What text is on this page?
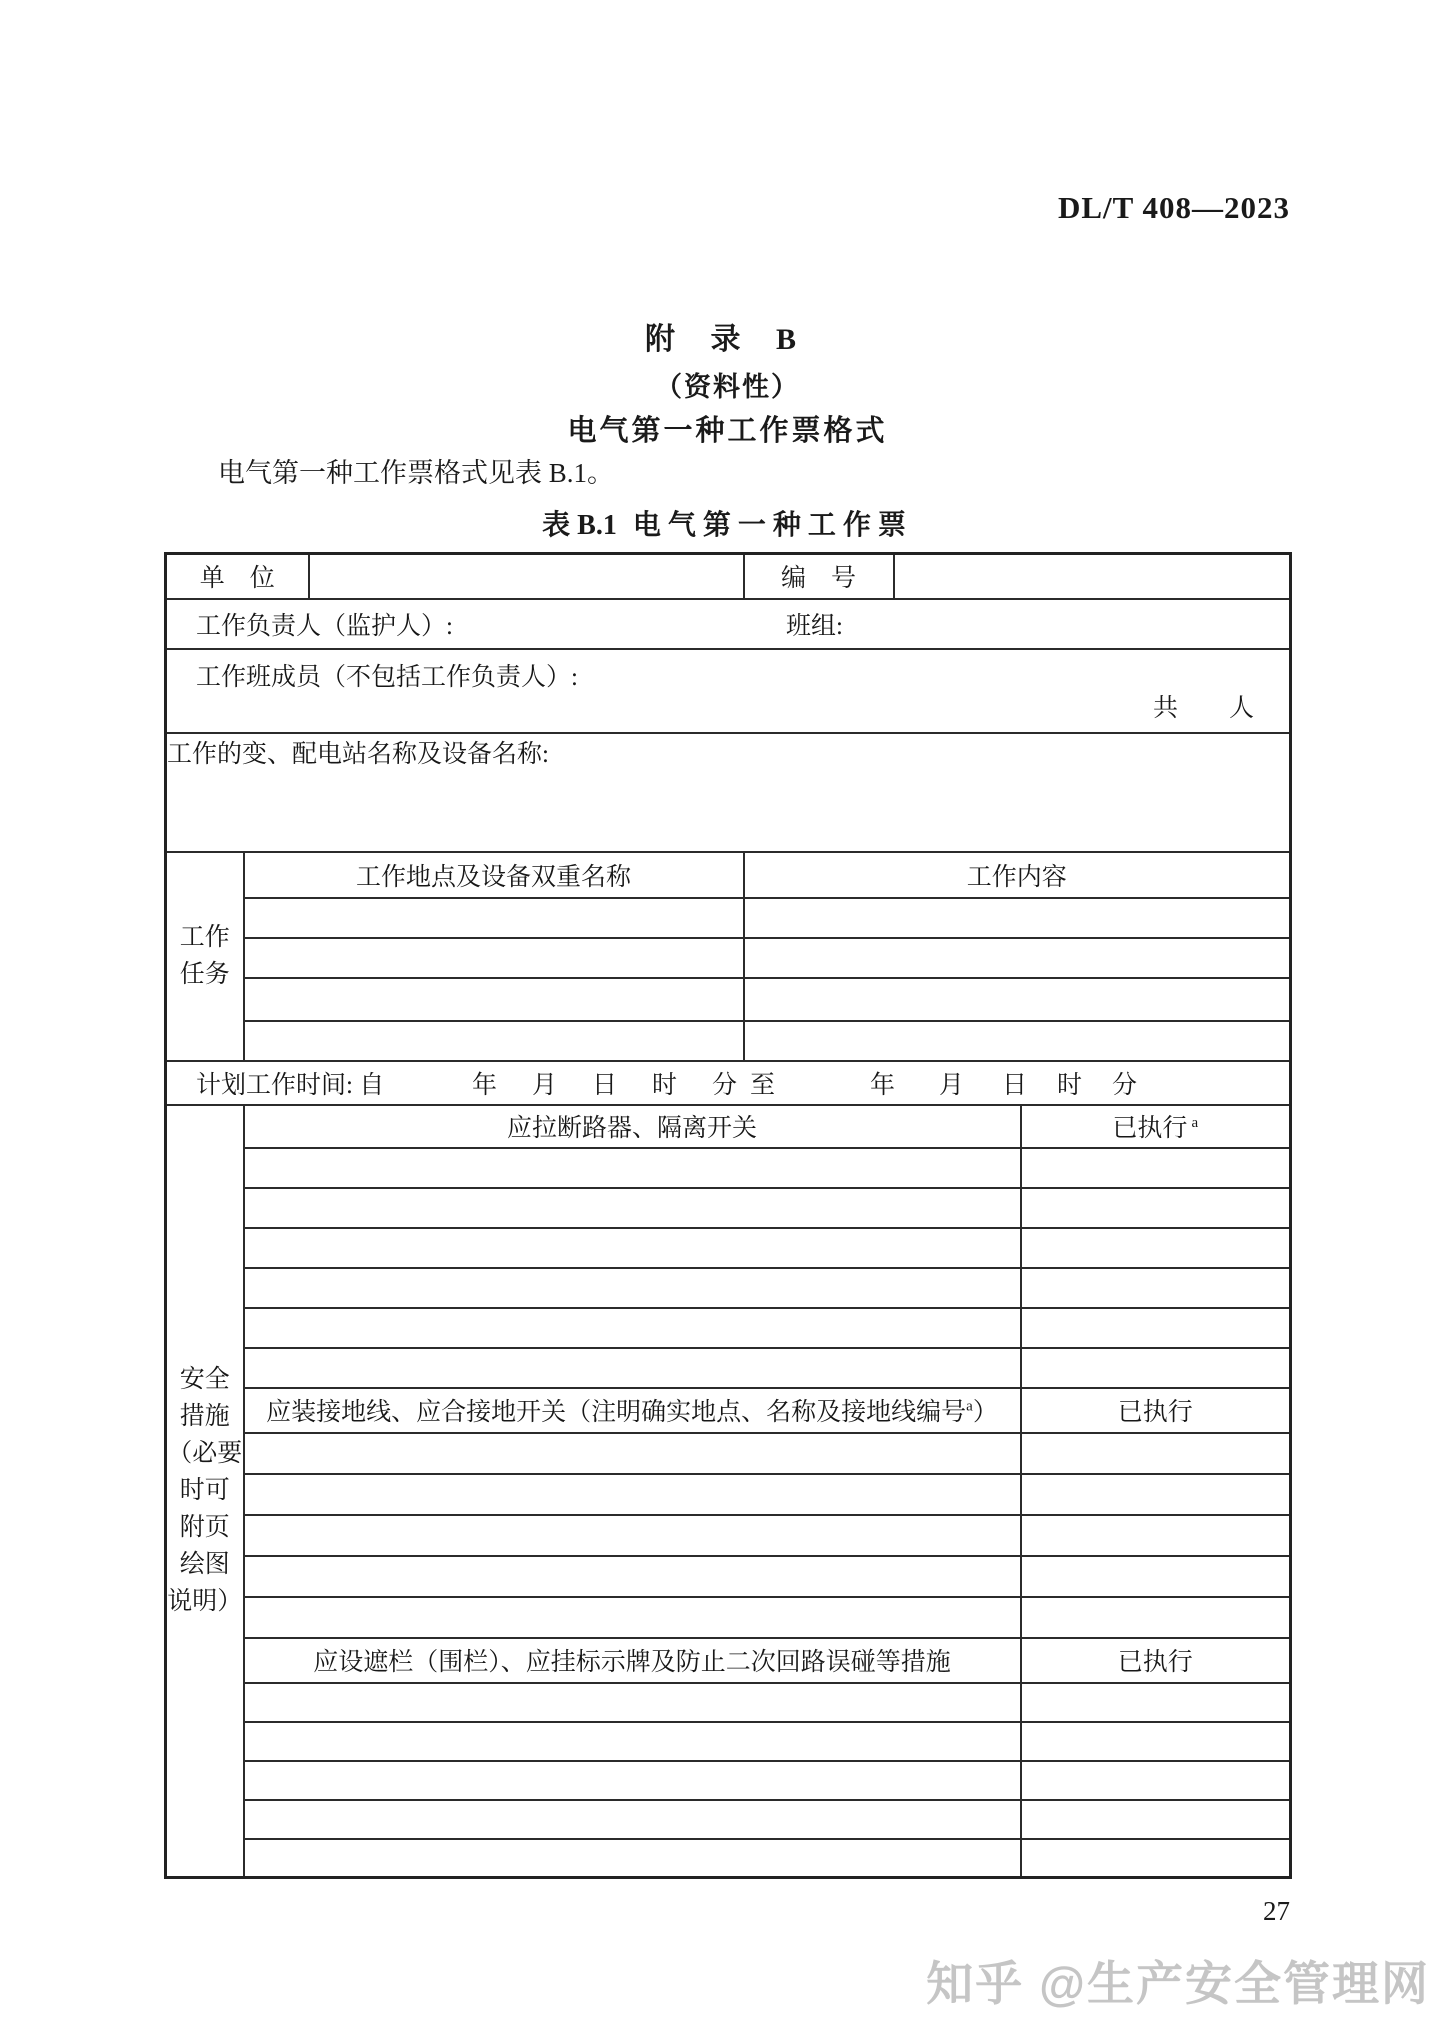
DL/T 408—2023
附 录 B
（资料性）
电气第一种工作票格式
电气第一种工作票格式见表 B.1。
表 B.1 电气第一种工作票
单　位			编　号		

工作负责人（监护人）: 班组:					

工作班成员（不包括工作负责人）:
共 人					

工作的变、配电站名称及设备名称:					

工作
任务	工作地点及设备双重名称		工作内容		

计划工作时间: 自	年 月 日 时 分 至	年 月 日 时 分

安全
措施
（必要
时可
附页
绘图
说明）
	应拉断路器、隔离开关	已执行 $^a$

	应装接地线、应合接地开关（注明确实地点、名称及接地线编号$^a$）				已执行

	应设遮栏（围栏）、应挂标示牌及防止二次回路误碰等措施				已执行

27
知乎 @生产安全管理网
